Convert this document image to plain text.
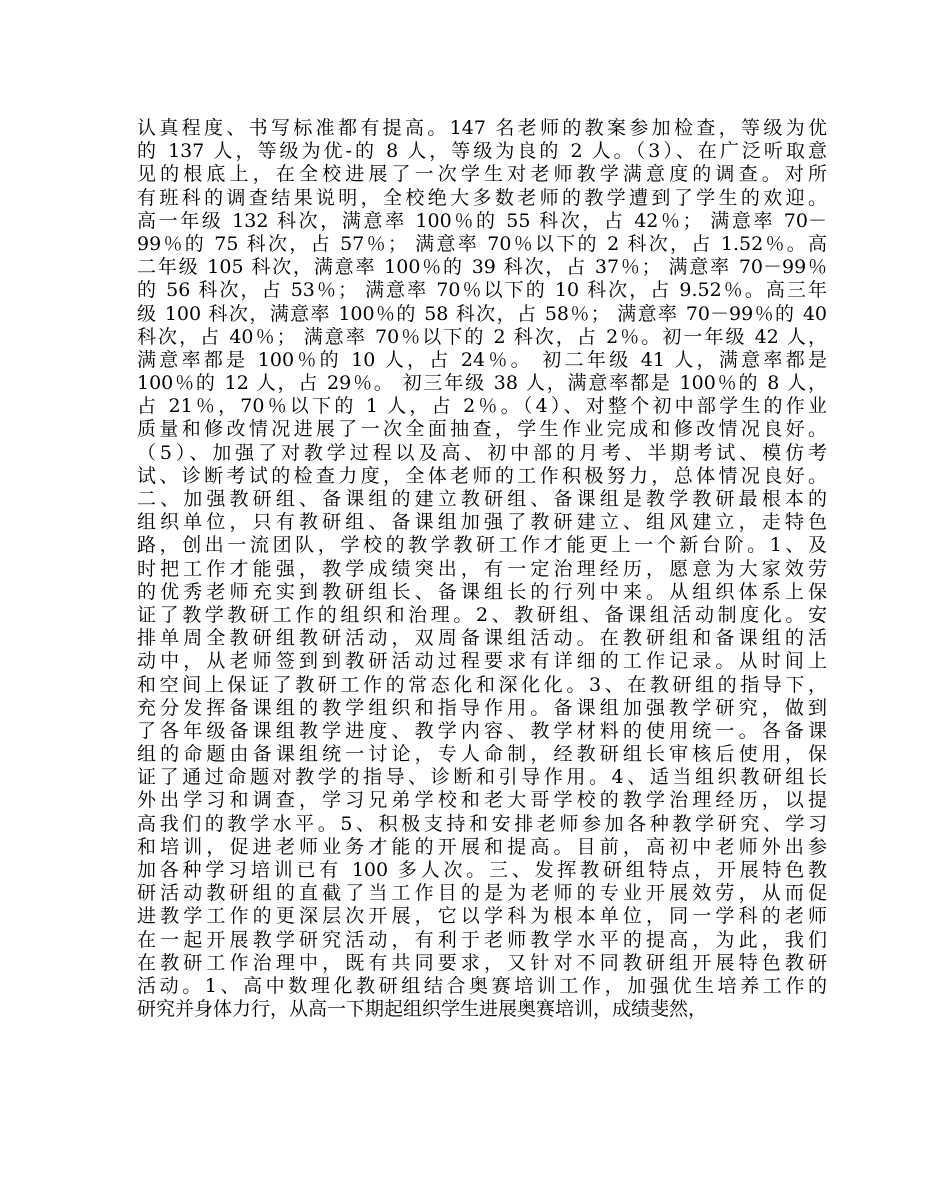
认真程度、书写标准都有提高。147 名老师的教案参加检查，等级为优
的 137 人，等级为优-的 8 人，等级为良的 2 人。（3）、在广泛听取意
见的根底上，在全校进展了一次学生对老师教学满意度的调查。对所
有班科的调查结果说明，全校绝大多数老师的教学遭到了学生的欢迎。
高一年级 132 科次，满意率 100％的 55 科次，占 42％； 满意率 70－
99％的 75 科次，占 57％； 满意率 70％以下的 2 科次，占 1.52％。高
二年级 105 科次，满意率 100％的 39 科次，占 37％； 满意率 70－99％
的 56 科次，占 53％； 满意率 70％以下的 10 科次，占 9.52％。高三年
级 100 科次，满意率 100％的 58 科次，占 58％； 满意率 70－99％的 40
科次，占 40％； 满意率 70％以下的 2 科次，占 2％。初一年级 42 人，
满意率都是 100％的 10 人，占 24％。 初二年级 41 人，满意率都是
100％的 12 人，占 29％。 初三年级 38 人，满意率都是 100％的 8 人，
占 21％，70％以下的 1 人，占 2％。（4）、对整个初中部学生的作业
质量和修改情况进展了一次全面抽查，学生作业完成和修改情况良好。
（5）、加强了对教学过程以及高、初中部的月考、半期考试、模仿考
试、诊断考试的检查力度，全体老师的工作积极努力，总体情况良好。
二、加强教研组、备课组的建立教研组、备课组是教学教研最根本的
组织单位，只有教研组、备课组加强了教研建立、组风建立，走特色
路，创出一流团队，学校的教学教研工作才能更上一个新台阶。1、及
时把工作才能强，教学成绩突出，有一定治理经历，愿意为大家效劳
的优秀老师充实到教研组长、备课组长的行列中来。从组织体系上保
证了教学教研工作的组织和治理。2、教研组、备课组活动制度化。安
排单周全教研组教研活动，双周备课组活动。在教研组和备课组的活
动中，从老师签到到教研活动过程要求有详细的工作记录。从时间上
和空间上保证了教研工作的常态化和深化化。3、在教研组的指导下，
充分发挥备课组的教学组织和指导作用。备课组加强教学研究，做到
了各年级备课组教学进度、教学内容、教学材料的使用统一。各备课
组的命题由备课组统一讨论，专人命制，经教研组长审核后使用，保
证了通过命题对教学的指导、诊断和引导作用。4、适当组织教研组长
外出学习和调查，学习兄弟学校和老大哥学校的教学治理经历，以提
高我们的教学水平。5、积极支持和安排老师参加各种教学研究、学习
和培训，促进老师业务才能的开展和提高。目前，高初中老师外出参
加各种学习培训已有 100 多人次。三、发挥教研组特点，开展特色教
研活动教研组的直截了当工作目的是为老师的专业开展效劳，从而促
进教学工作的更深层次开展，它以学科为根本单位，同一学科的老师
在一起开展教学研究活动，有利于老师教学水平的提高，为此，我们
在教研工作治理中，既有共同要求，又针对不同教研组开展特色教研
活动。1、高中数理化教研组结合奥赛培训工作，加强优生培养工作的
研究并身体力行，从高一下期起组织学生进展奥赛培训，成绩斐然，
